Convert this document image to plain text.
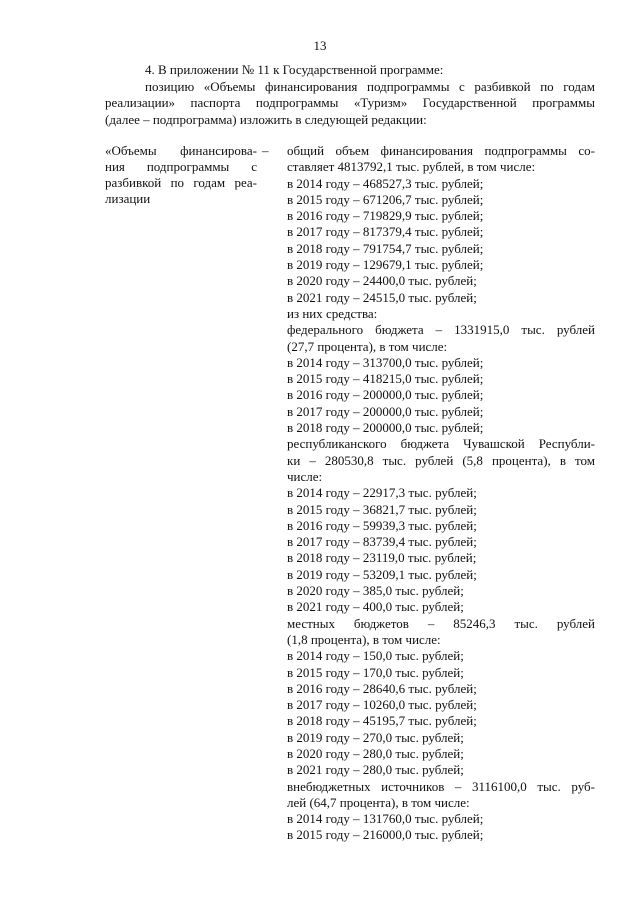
13
4. В приложении № 11 к Государственной программе:
позицию «Объемы финансирования подпрограммы с разбивкой по годам
реализации» паспорта подпрограммы «Туризм» Государственной программы
(далее – подпрограмма) изложить в следующей редакции:
«Объемы финансирова-
ния подпрограммы с
разбивкой по годам реа-
лизации
– общий объем финансирования подпрограммы со-
ставляет 4813792,1 тыс. рублей, в том числе:
в 2014 году – 468527,3 тыс. рублей;
в 2015 году – 671206,7 тыс. рублей;
в 2016 году – 719829,9 тыс. рублей;
в 2017 году – 817379,4 тыс. рублей;
в 2018 году – 791754,7 тыс. рублей;
в 2019 году – 129679,1 тыс. рублей;
в 2020 году – 24400,0 тыс. рублей;
в 2021 году – 24515,0 тыс. рублей;
из них средства:
федерального бюджета – 1331915,0 тыс. рублей
(27,7 процента), в том числе:
в 2014 году – 313700,0 тыс. рублей;
в 2015 году – 418215,0 тыс. рублей;
в 2016 году – 200000,0 тыс. рублей;
в 2017 году – 200000,0 тыс. рублей;
в 2018 году – 200000,0 тыс. рублей;
республиканского бюджета Чувашской Республи-
ки – 280530,8 тыс. рублей (5,8 процента), в том
числе:
в 2014 году – 22917,3 тыс. рублей;
в 2015 году – 36821,7 тыс. рублей;
в 2016 году – 59939,3 тыс. рублей;
в 2017 году – 83739,4 тыс. рублей;
в 2018 году – 23119,0 тыс. рублей;
в 2019 году – 53209,1 тыс. рублей;
в 2020 году – 385,0 тыс. рублей;
в 2021 году – 400,0 тыс. рублей;
местных бюджетов – 85246,3 тыс. рублей
(1,8 процента), в том числе:
в 2014 году – 150,0 тыс. рублей;
в 2015 году – 170,0 тыс. рублей;
в 2016 году – 28640,6 тыс. рублей;
в 2017 году – 10260,0 тыс. рублей;
в 2018 году – 45195,7 тыс. рублей;
в 2019 году – 270,0 тыс. рублей;
в 2020 году – 280,0 тыс. рублей;
в 2021 году – 280,0 тыс. рублей;
внебюджетных источников – 3116100,0 тыс. руб-
лей (64,7 процента), в том числе:
в 2014 году – 131760,0 тыс. рублей;
в 2015 году – 216000,0 тыс. рублей;
